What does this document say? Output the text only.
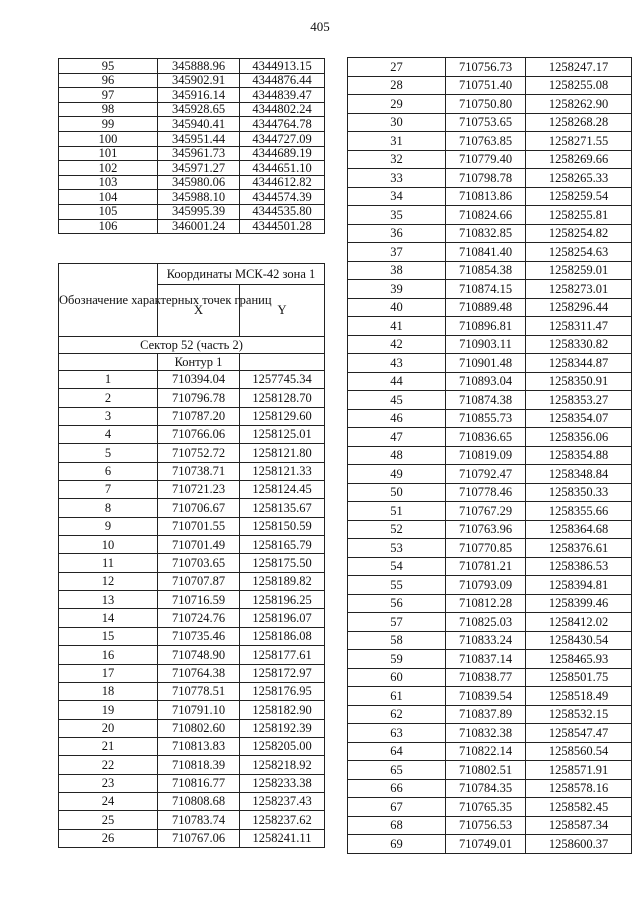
405
95	345888.96	4344913.15
96	345902.91	4344876.44
97	345916.14	4344839.47
98	345928.65	4344802.24
99	345940.41	4344764.78
100	345951.44	4344727.09
101	345961.73	4344689.19
102	345971.27	4344651.10
103	345980.06	4344612.82
104	345988.10	4344574.39
105	345995.39	4344535.80
106	346001.24	4344501.28
Обозначение характерных точек границ	Координаты МСК-42 зона 1	
	X	Y
Сектор 52 (часть 2)		
	Контур 1	
1	710394.04	1257745.34
2	710796.78	1258128.70
3	710787.20	1258129.60
4	710766.06	1258125.01
5	710752.72	1258121.80
6	710738.71	1258121.33
7	710721.23	1258124.45
8	710706.67	1258135.67
9	710701.55	1258150.59
10	710701.49	1258165.79
11	710703.65	1258175.50
12	710707.87	1258189.82
13	710716.59	1258196.25
14	710724.76	1258196.07
15	710735.46	1258186.08
16	710748.90	1258177.61
17	710764.38	1258172.97
18	710778.51	1258176.95
19	710791.10	1258182.90
20	710802.60	1258192.39
21	710813.83	1258205.00
22	710818.39	1258218.92
23	710816.77	1258233.38
24	710808.68	1258237.43
25	710783.74	1258237.62
26	710767.06	1258241.11
27	710756.73	1258247.17
28	710751.40	1258255.08
29	710750.80	1258262.90
30	710753.65	1258268.28
31	710763.85	1258271.55
32	710779.40	1258269.66
33	710798.78	1258265.33
34	710813.86	1258259.54
35	710824.66	1258255.81
36	710832.85	1258254.82
37	710841.40	1258254.63
38	710854.38	1258259.01
39	710874.15	1258273.01
40	710889.48	1258296.44
41	710896.81	1258311.47
42	710903.11	1258330.82
43	710901.48	1258344.87
44	710893.04	1258350.91
45	710874.38	1258353.27
46	710855.73	1258354.07
47	710836.65	1258356.06
48	710819.09	1258354.88
49	710792.47	1258348.84
50	710778.46	1258350.33
51	710767.29	1258355.66
52	710763.96	1258364.68
53	710770.85	1258376.61
54	710781.21	1258386.53
55	710793.09	1258394.81
56	710812.28	1258399.46
57	710825.03	1258412.02
58	710833.24	1258430.54
59	710837.14	1258465.93
60	710838.77	1258501.75
61	710839.54	1258518.49
62	710837.89	1258532.15
63	710832.38	1258547.47
64	710822.14	1258560.54
65	710802.51	1258571.91
66	710784.35	1258578.16
67	710765.35	1258582.45
68	710756.53	1258587.34
69	710749.01	1258600.37
